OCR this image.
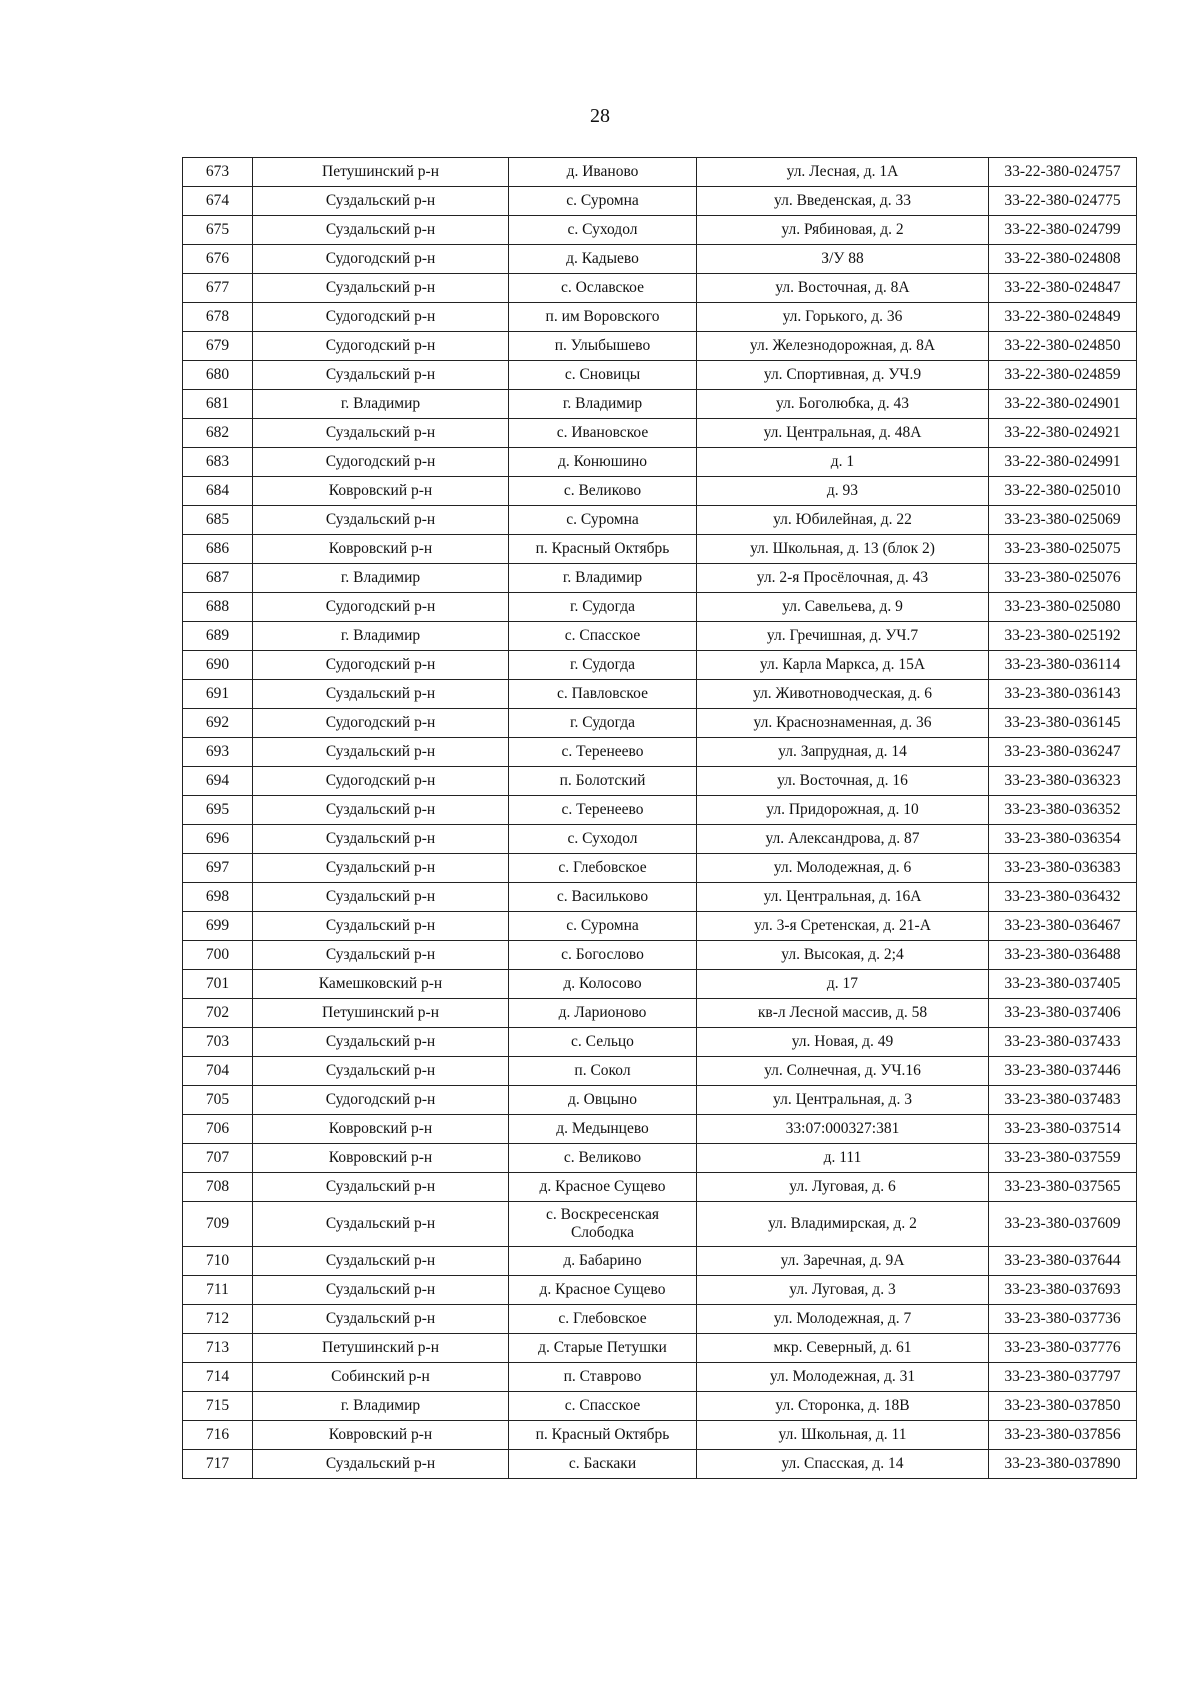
28
673	Петушинский р-н	д. Иваново	ул. Лесная, д. 1А	33-22-380-024757
674	Суздальский р-н	с. Суромна	ул. Введенская, д. 33	33-22-380-024775
675	Суздальский р-н	с. Суходол	ул. Рябиновая, д. 2	33-22-380-024799
676	Судогодский р-н	д. Кадыево	З/У 88	33-22-380-024808
677	Суздальский р-н	с. Ославское	ул. Восточная, д. 8А	33-22-380-024847
678	Судогодский р-н	п. им Воровского	ул. Горького, д. 36	33-22-380-024849
679	Судогодский р-н	п. Улыбышево	ул. Железнодорожная, д. 8А	33-22-380-024850
680	Суздальский р-н	с. Сновицы	ул. Спортивная, д. УЧ.9	33-22-380-024859
681	г. Владимир	г. Владимир	ул. Боголюбка, д. 43	33-22-380-024901
682	Суздальский р-н	с. Ивановское	ул. Центральная, д. 48А	33-22-380-024921
683	Судогодский р-н	д. Конюшино	д. 1	33-22-380-024991
684	Ковровский р-н	с. Великово	д. 93	33-22-380-025010
685	Суздальский р-н	с. Суромна	ул. Юбилейная, д. 22	33-23-380-025069
686	Ковровский р-н	п. Красный Октябрь	ул. Школьная, д. 13 (блок 2)	33-23-380-025075
687	г. Владимир	г. Владимир	ул. 2-я Просёлочная, д. 43	33-23-380-025076
688	Судогодский р-н	г. Судогда	ул. Савельева, д. 9	33-23-380-025080
689	г. Владимир	с. Спасское	ул. Гречишная, д. УЧ.7	33-23-380-025192
690	Судогодский р-н	г. Судогда	ул. Карла Маркса, д. 15А	33-23-380-036114
691	Суздальский р-н	с. Павловское	ул. Животноводческая, д. 6	33-23-380-036143
692	Судогодский р-н	г. Судогда	ул. Краснознаменная, д. 36	33-23-380-036145
693	Суздальский р-н	с. Теренеево	ул. Запрудная, д. 14	33-23-380-036247
694	Судогодский р-н	п. Болотский	ул. Восточная, д. 16	33-23-380-036323
695	Суздальский р-н	с. Теренеево	ул. Придорожная, д. 10	33-23-380-036352
696	Суздальский р-н	с. Суходол	ул. Александрова, д. 87	33-23-380-036354
697	Суздальский р-н	с. Глебовское	ул. Молодежная, д. 6	33-23-380-036383
698	Суздальский р-н	с. Васильково	ул. Центральная, д. 16А	33-23-380-036432
699	Суздальский р-н	с. Суромна	ул. 3-я Сретенская, д. 21-А	33-23-380-036467
700	Суздальский р-н	с. Богослово	ул. Высокая, д. 2;4	33-23-380-036488
701	Камешковский р-н	д. Колосово	д. 17	33-23-380-037405
702	Петушинский р-н	д. Ларионово	кв-л Лесной массив, д. 58	33-23-380-037406
703	Суздальский р-н	с. Сельцо	ул. Новая, д. 49	33-23-380-037433
704	Суздальский р-н	п. Сокол	ул. Солнечная, д. УЧ.16	33-23-380-037446
705	Судогодский р-н	д. Овцыно	ул. Центральная, д. 3	33-23-380-037483
706	Ковровский р-н	д. Медынцево	33:07:000327:381	33-23-380-037514
707	Ковровский р-н	с. Великово	д. 111	33-23-380-037559
708	Суздальский р-н	д. Красное Сущево	ул. Луговая, д. 6	33-23-380-037565
709	Суздальский р-н	с. Воскресенская Слободка	ул. Владимирская, д. 2	33-23-380-037609
710	Суздальский р-н	д. Бабарино	ул. Заречная, д. 9А	33-23-380-037644
711	Суздальский р-н	д. Красное Сущево	ул. Луговая, д. 3	33-23-380-037693
712	Суздальский р-н	с. Глебовское	ул. Молодежная, д. 7	33-23-380-037736
713	Петушинский р-н	д. Старые Петушки	мкр. Северный, д. 61	33-23-380-037776
714	Собинский р-н	п. Ставрово	ул. Молодежная, д. 31	33-23-380-037797
715	г. Владимир	с. Спасское	ул. Сторонка, д. 18В	33-23-380-037850
716	Ковровский р-н	п. Красный Октябрь	ул. Школьная, д. 11	33-23-380-037856
717	Суздальский р-н	с. Баскаки	ул. Спасская, д. 14	33-23-380-037890
